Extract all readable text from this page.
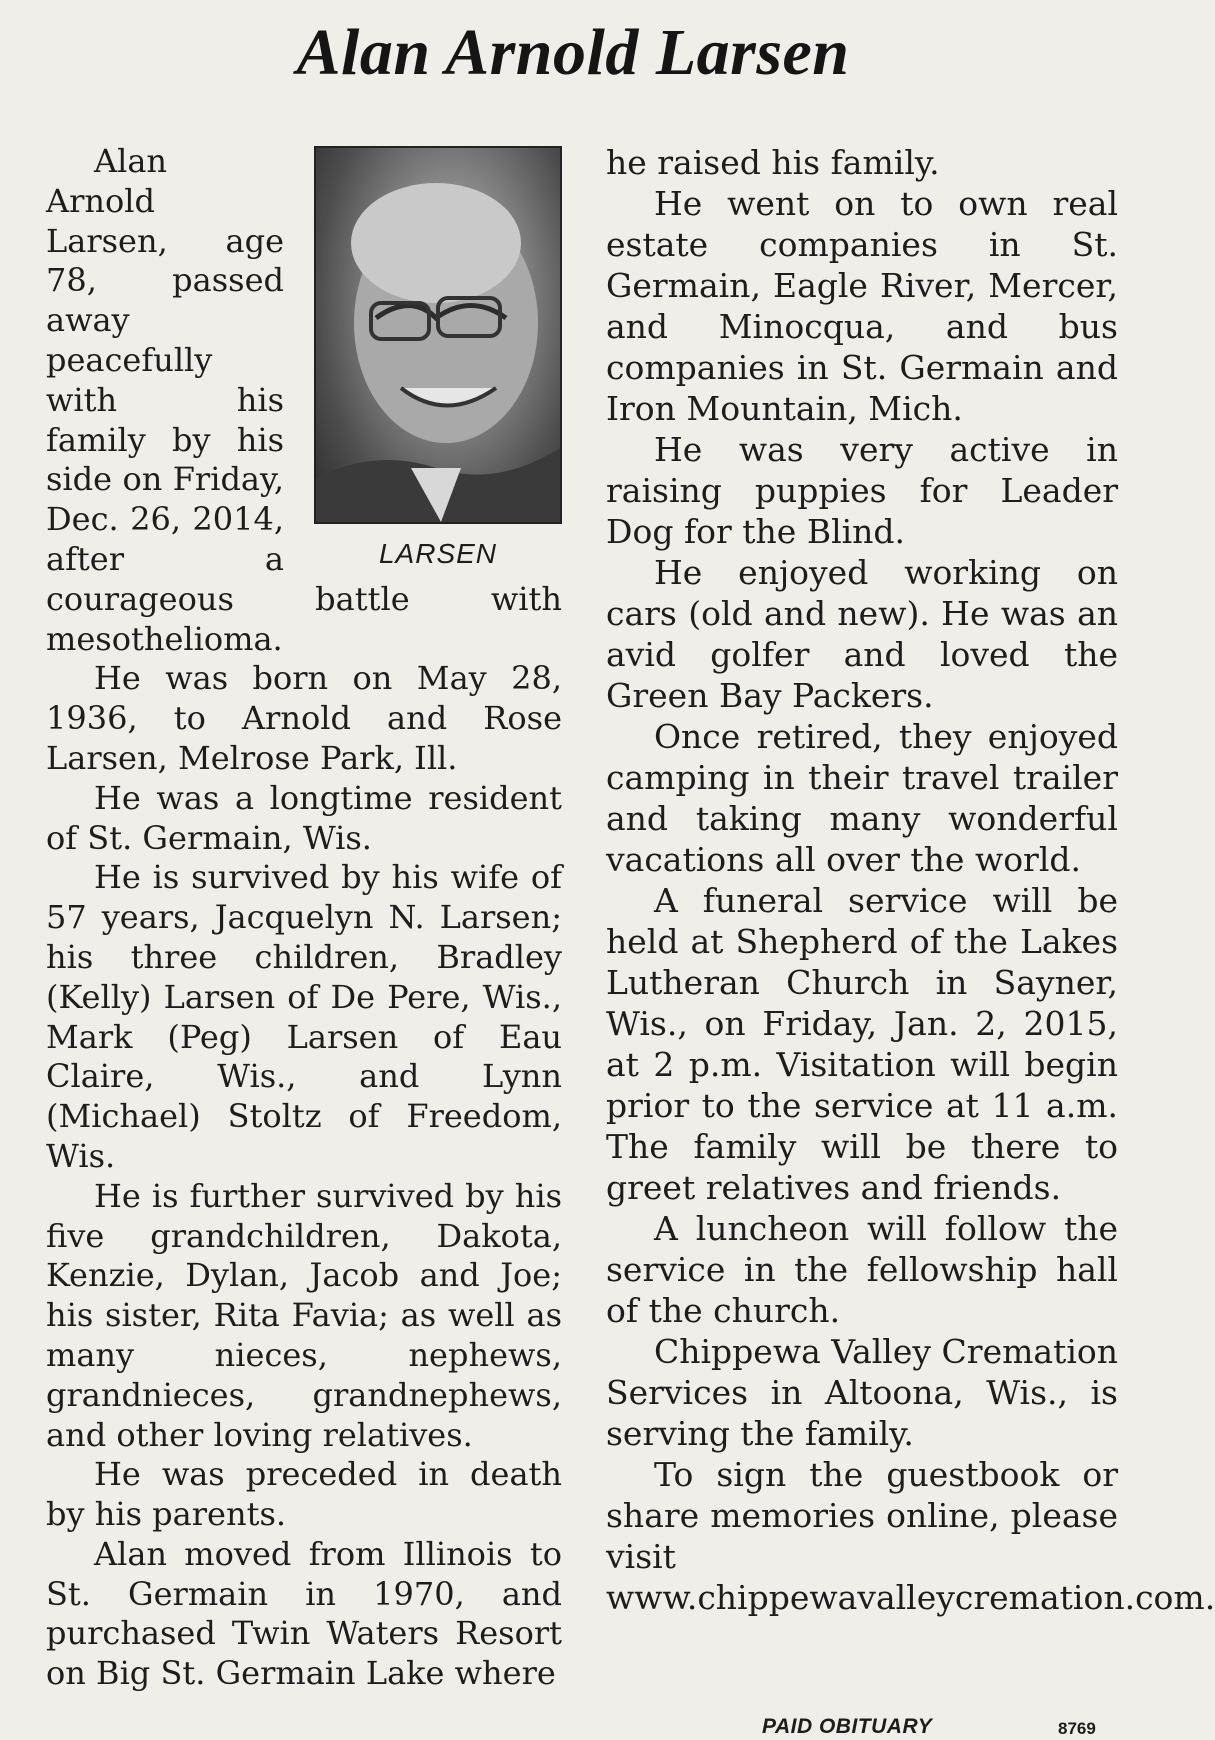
Alan Arnold Larsen
LARSEN

Alan Arnold Larsen, age 78, passed away peacefully with his family by his side on Friday, Dec. 26, 2014, after a courageous battle with mesothelioma.

He was born on May 28, 1936, to Arnold and Rose Larsen, Melrose Park, Ill.

He was a longtime resident of St. Germain, Wis.

He is survived by his wife of 57 years, Jacquelyn N. Larsen; his three children, Bradley (Kelly) Larsen of De Pere, Wis., Mark (Peg) Larsen of Eau Claire, Wis., and Lynn (Michael) Stoltz of Freedom, Wis.

He is further survived by his five grandchildren, Dakota, Kenzie, Dylan, Jacob and Joe; his sister, Rita Favia; as well as many nieces, nephews, grandnieces, grandnephews, and other loving relatives.

He was preceded in death by his parents.

Alan moved from Illinois to St. Germain in 1970, and purchased Twin Waters Resort on Big St. Germain Lake where

he raised his family.

He went on to own real estate companies in St. Germain, Eagle River, Mercer, and Minocqua, and bus companies in St. Germain and Iron Mountain, Mich.

He was very active in raising puppies for Leader Dog for the Blind.

He enjoyed working on cars (old and new). He was an avid golfer and loved the Green Bay Packers.

Once retired, they enjoyed camping in their travel trailer and taking many wonderful vacations all over the world.

A funeral service will be held at Shepherd of the Lakes Lutheran Church in Sayner, Wis., on Friday, Jan. 2, 2015, at 2 p.m. Visitation will begin prior to the service at 11 a.m. The family will be there to greet relatives and friends.

A luncheon will follow the service in the fellowship hall of the church.

Chippewa Valley Cremation Services in Altoona, Wis., is serving the family.

To sign the guestbook or share memories online, please visit www.chippewavalleycremation.com.

PAID OBITUARY	8769
